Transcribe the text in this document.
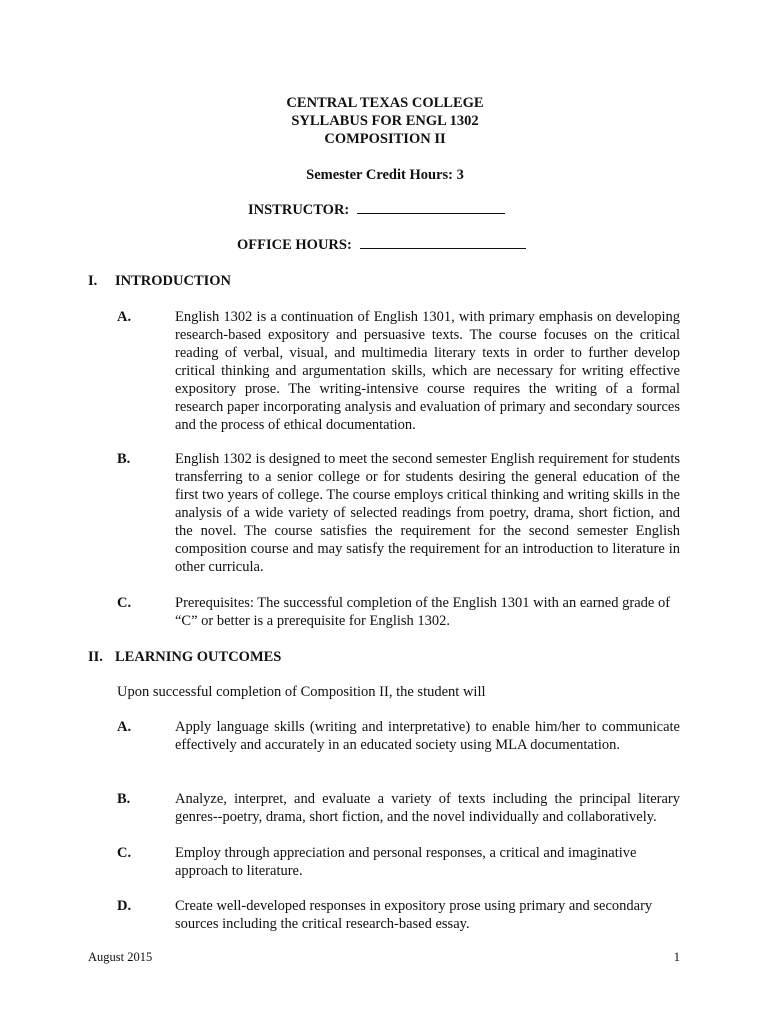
CENTRAL TEXAS COLLEGE
SYLLABUS FOR ENGL 1302
COMPOSITION II
Semester Credit Hours: 3
INSTRUCTOR:
OFFICE HOURS:
I. INTRODUCTION
A.	English 1302 is a continuation of English 1301, with primary emphasis on developing research-based expository and persuasive texts. The course focuses on the critical reading of verbal, visual, and multimedia literary texts in order to further develop critical thinking and argumentation skills, which are necessary for writing effective expository prose. The writing-intensive course requires the writing of a formal research paper incorporating analysis and evaluation of primary and secondary sources and the process of ethical documentation.
B.	English 1302 is designed to meet the second semester English requirement for students transferring to a senior college or for students desiring the general education of the first two years of college. The course employs critical thinking and writing skills in the analysis of a wide variety of selected readings from poetry, drama, short fiction, and the novel. The course satisfies the requirement for the second semester English composition course and may satisfy the requirement for an introduction to literature in other curricula.
C.	Prerequisites: The successful completion of the English 1301 with an earned grade of “C” or better is a prerequisite for English 1302.
II. LEARNING OUTCOMES
Upon successful completion of Composition II, the student will
A.	Apply language skills (writing and interpretative) to enable him/her to communicate effectively and accurately in an educated society using MLA documentation.
B.	Analyze, interpret, and evaluate a variety of texts including the principal literary genres--poetry, drama, short fiction, and the novel individually and collaboratively.
C.	Employ through appreciation and personal responses, a critical and imaginative approach to literature.
D.	Create well-developed responses in expository prose using primary and secondary sources including the critical research-based essay.
August 2015	1
